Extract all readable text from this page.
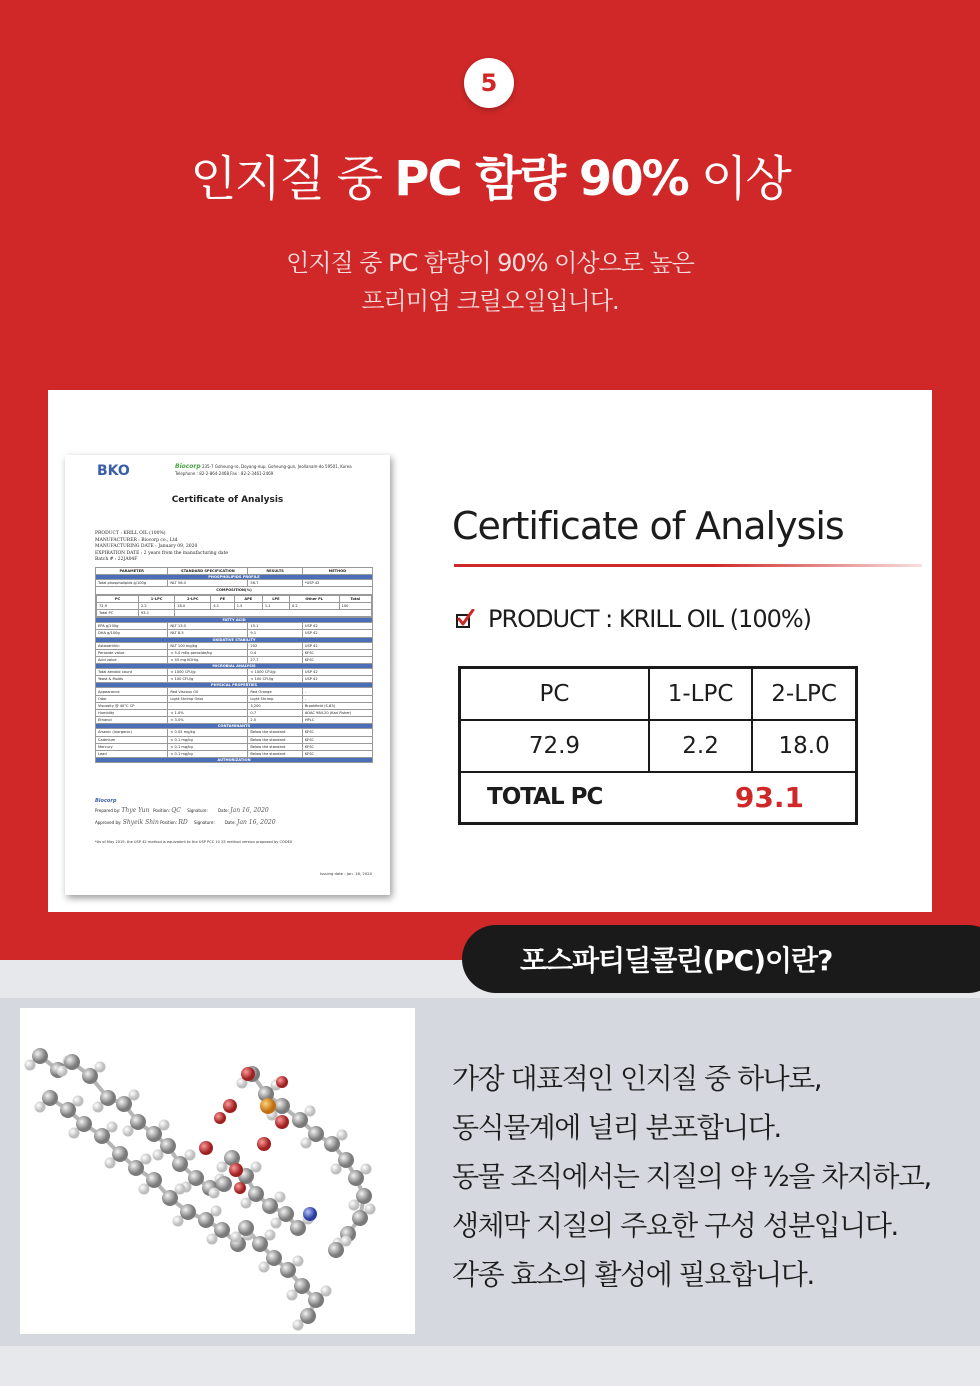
5
인지질 중 PC 함량 90% 이상

인지질 중 PC 함량이 90% 이상으로 높은
프리미엄 크릴오일입니다.

BKO	Biocorp 235-7 Goheung-ro, Doyang-eup, Goheung-gun, Jeollanam-do 59501, Korea
Telephone : 82-2-864-2468 Fax : 82-2-3461-2469
Certificate of Analysis
PRODUCT : KRILL OIL (100%)
MANUFACTURER : Biocorp co., Ltd
MANUFACTURING DATE : January 09, 2020
EXPIRATION DATE : 2 years from the manufacturing date
Batch # : 22JA04F
PARAMETER	STANDARD SPECIFICATION	RESULTS	METHOD
PHOSPHOLIPIDS PROFILE
Total phospholipids g/100g	NLT 56.0	56.7	*USP 42
COMPOSITION(%)

PC	1-LPC	2-LPC	PE	APE	LPE	Other PL	Total
72.9	2.2	18.0	4.1	1.5	1.1	0.2	100
Total PC	93.1	

FATTY ACID
EPA g/100g	NLT 13.0	15.1	USP 42
DHA g/100g	NLT 8.5	9.1	USP 42
OXIDATIVE STABILITY
Astaxanthin	NLT 100 mg/kg	202	USP 42
Peroxide value	< 5.0 mEq peroxide/kg	0.4	KFSC
Acid value	< 45 mg KOH/g	27.7	KFSC
MICROBIAL ANALYSIS
Total aerobic count	< 1000 CFU/g	< 1000 CFU/g	USP 42
Yeast & Molds	< 100 CFU/g	< 100 CFU/g	USP 42
PHYSICAL PROPERTIES
Appearance	Red Viscous Oil	Red Orange	-
Odor	Light Shrimp Odor	Light Shrimp	-
Viscosity @ 40°C CP	-	3,200	Brookfield (S-63)
Humidity	< 1.0%	0.7	AOAC 984.20 (Karl Fisher)
Ethanol	< 3.0%	2.5	HPLC
CONTAMINANTS
Arsenic (Inorganic)	< 0.05 mg/kg	Below the standard	KFSC
Cadmium	< 0.1 mg/kg	Below the standard	KFSC
Mercury	< 0.1 mg/kg	Below the standard	KFSC
Lead	< 0.1 mg/kg	Below the standard	KFSC
AUTHORIZATION
Biocorp
Prepared by: Thye Yun Position: QC Signature:	Date: Jan 16, 2020
Approved by: Shyeik Shin Position: RD Signature:	Date: Jan 16, 2020
*As of May 2019, the USP 42 method is equivalent to the USP PCC 10 25 method version proposed by CODEX
Issuing date : Jan. 16, 2020
Certificate of Analysis
PRODUCT : KRILL OIL (100%)
PC	1-LPC	2-LPC
72.9	2.2	18.0
TOTAL PC	93.1	
포스파티딜콜린(PC)이란?
가장 대표적인 인지질 중 하나로,
동식물계에 널리 분포합니다.
동물 조직에서는 지질의 약 ½을 차지하고,
생체막 지질의 주요한 구성 성분입니다.
각종 효소의 활성에 필요합니다.
